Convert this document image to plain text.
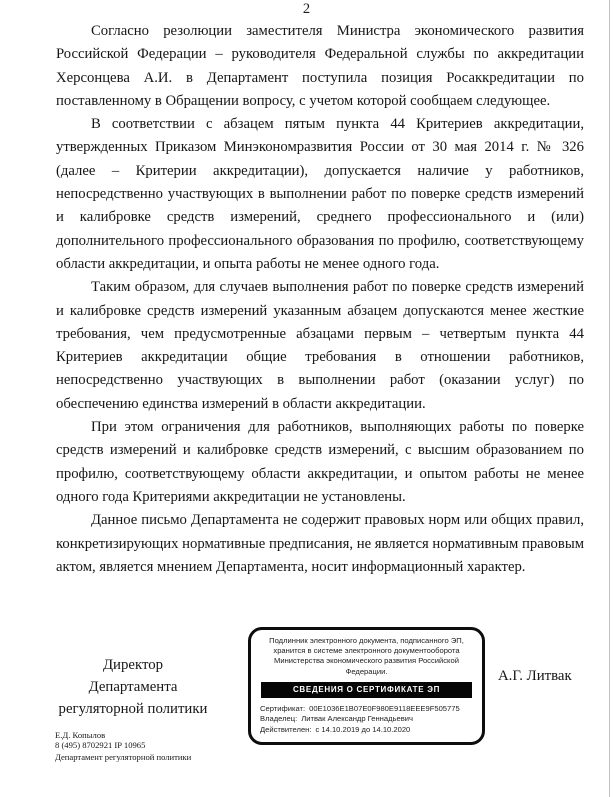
2

Согласно резолюции заместителя Министра экономического развития Российской Федерации – руководителя Федеральной службы по аккредитации Херсонцева А.И. в Департамент поступила позиция Росаккредитации по поставленному в Обращении вопросу, с учетом которой сообщаем следующее.

В соответствии с абзацем пятым пункта 44 Критериев аккредитации, утвержденных Приказом Минэкономразвития России от 30 мая 2014 г. № 326 (далее – Критерии аккредитации), допускается наличие у работников, непосредственно участвующих в выполнении работ по поверке средств измерений и калибровке средств измерений, среднего профессионального и (или) дополнительного профессионального образования по профилю, соответствующему области аккредитации, и опыта работы не менее одного года.

Таким образом, для случаев выполнения работ по поверке средств измерений и калибровке средств измерений указанным абзацем допускаются менее жесткие требования, чем предусмотренные абзацами первым – четвертым пункта 44 Критериев аккредитации общие требования в отношении работников, непосредственно участвующих в выполнении работ (оказании услуг) по обеспечению единства измерений в области аккредитации.

При этом ограничения для работников, выполняющих работы по поверке средств измерений и калибровке средств измерений, с высшим образованием по профилю, соответствующему области аккредитации, и опытом работы не менее одного года Критериями аккредитации не установлены.

Данное письмо Департамента не содержит правовых норм или общих правил, конкретизирующих нормативные предписания, не является нормативным правовым актом, является мнением Департамента, носит информационный характер.

Директор Департамента
регуляторной политики
Подлинник электронного документа, подписанного ЭП,
хранится в системе электронного документооборота
Министерства экономического развития Российской Федерации.
СВЕДЕНИЯ О СЕРТИФИКАТЕ ЭП
Сертификат: 00E1036E1B07E0F980E9118EEE9F505775
Владелец: Литвак Александр Геннадьевич
Действителен: с 14.10.2019 до 14.10.2020
А.Г. Литвак
Е.Д. Копылов
8 (495) 8702921 IP 10965
Департамент регуляторной политики
